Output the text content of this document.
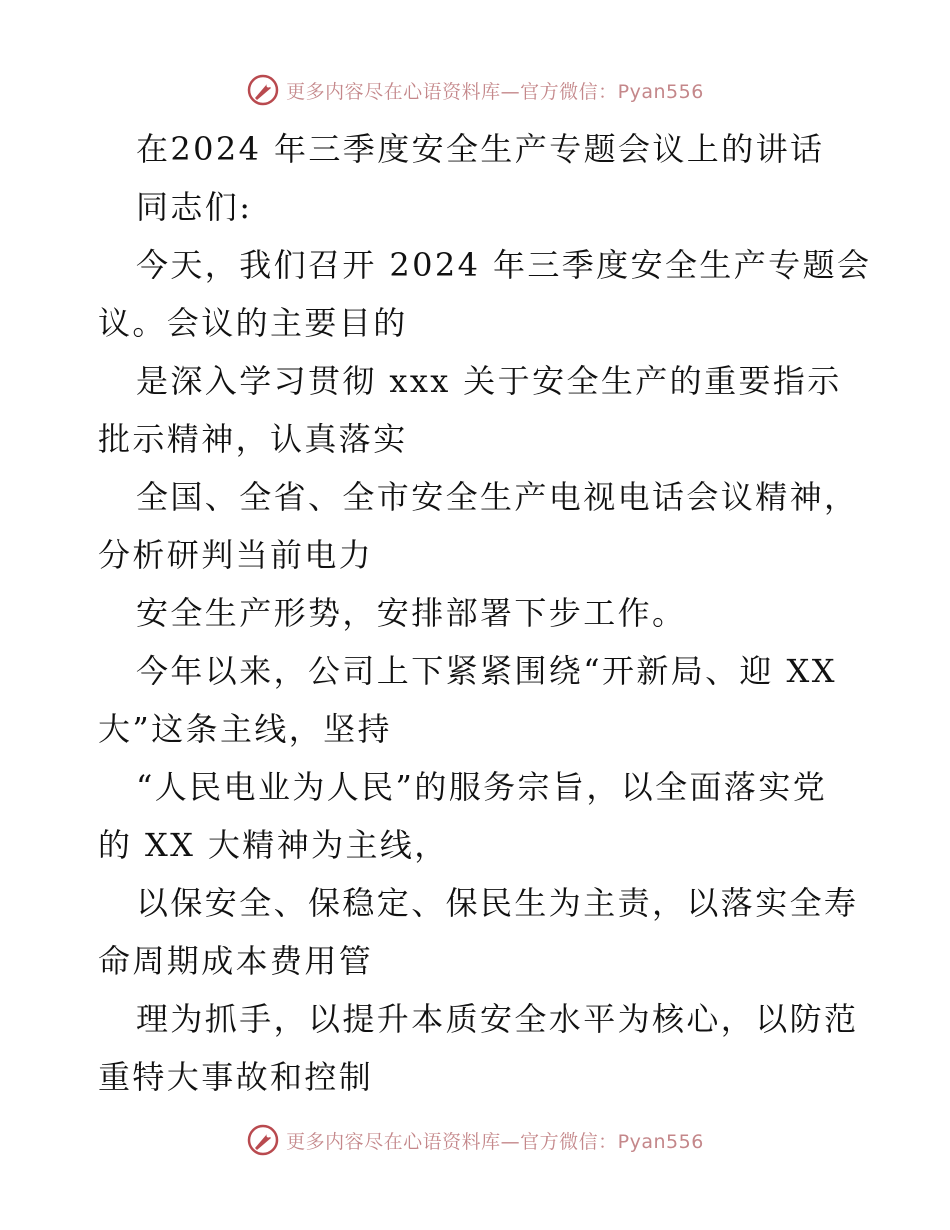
更多内容尽在心语资料库—官方微信：Pyan556
在2024 年三季度安全生产专题会议上的讲话
同志们:
今天，我们召开 2024 年三季度安全生产专题会
议。会议的主要目的
是深入学习贯彻 xxx 关于安全生产的重要指示
批示精神，认真落实
全国、全省、全市安全生产电视电话会议精神，
分析研判当前电力
安全生产形势，安排部署下步工作。
今年以来，公司上下紧紧围绕“开新局、迎 XX
大”这条主线，坚持
“人民电业为人民”的服务宗旨，以全面落实党
的 XX 大精神为主线，
以保安全、保稳定、保民生为主责，以落实全寿
命周期成本费用管
理为抓手，以提升本质安全水平为核心，以防范
重特大事故和控制
更多内容尽在心语资料库—官方微信：Pyan556
